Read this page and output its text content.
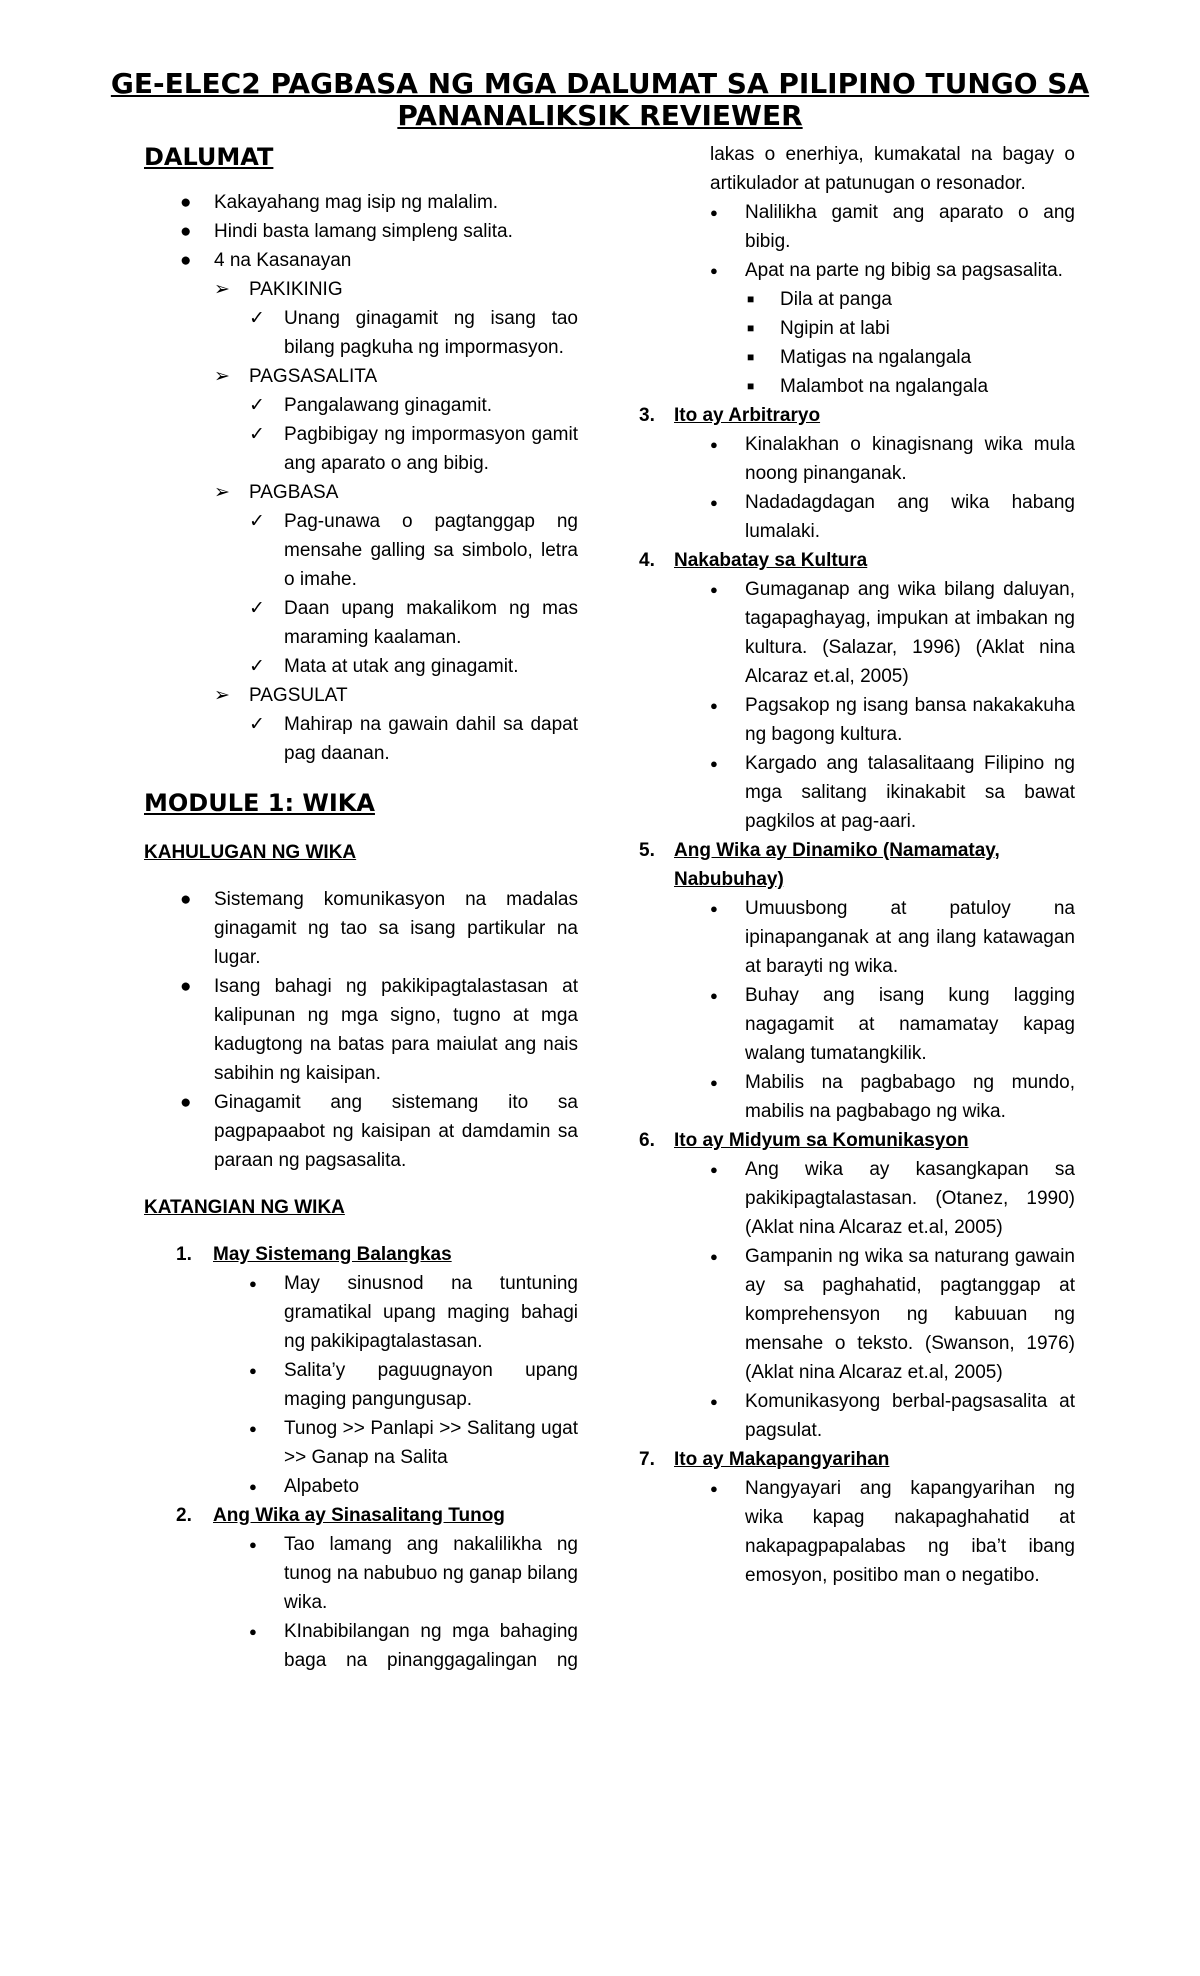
GE-ELEC2 PAGBASA NG MGA DALUMAT SA PILIPINO TUNGO SA PANANALIKSIK REVIEWER
DALUMAT
● Kakayahang mag isip ng malalim.
● Hindi basta lamang simpleng salita.
● 4 na Kasanayan
➢ PAKIKINIG
✓ Unang ginagamit ng isang tao bilang pagkuha ng impormasyon.
➢ PAGSASALITA
✓ Pangalawang ginagamit.
✓ Pagbibigay ng impormasyon gamit ang aparato o ang bibig.
➢ PAGBASA
✓ Pag-unawa o pagtanggap ng mensahe galling sa simbolo, letra o imahe.
✓ Daan upang makalikom ng mas maraming kaalaman.
✓ Mata at utak ang ginagamit.
➢ PAGSULAT
✓ Mahirap na gawain dahil sa dapat pag daanan.
MODULE 1: WIKA
KAHULUGAN NG WIKA
● Sistemang komunikasyon na madalas ginagamit ng tao sa isang partikular na lugar.
● Isang bahagi ng pakikipagtalastasan at kalipunan ng mga signo, tugno at mga kadugtong na batas para maiulat ang nais sabihin ng kaisipan.
● Ginagamit ang sistemang ito sa pagpapaabot ng kaisipan at damdamin sa paraan ng pagsasalita.
KATANGIAN NG WIKA
1. May Sistemang Balangkas
● May sinusnod na tuntuning gramatikal upang maging bahagi ng pakikipagtalastasan.
● Salita’y paguugnayon upang maging pangungusap.
● Tunog >> Panlapi >> Salitang ugat >> Ganap na Salita
● Alpabeto
2. Ang Wika ay Sinasalitang Tunog
● Tao lamang ang nakalilikha ng tunog na nabubuo ng ganap bilang wika.
● KInabibilangan ng mga bahaging baga na pinanggagalingan ng
lakas o enerhiya, kumakatal na bagay o artikulador at patunugan o resonador.
● Nalilikha gamit ang aparato o ang bibig.
● Apat na parte ng bibig sa pagsasalita.
■ Dila at panga
■ Ngipin at labi
■ Matigas na ngalangala
■ Malambot na ngalangala
3. Ito ay Arbitraryo
● Kinalakhan o kinagisnang wika mula noong pinanganak.
● Nadadagdagan ang wika habang lumalaki.
4. Nakabatay sa Kultura
● Gumaganap ang wika bilang daluyan, tagapaghayag, impukan at imbakan ng kultura. (Salazar, 1996) (Aklat nina Alcaraz et.al, 2005)
● Pagsakop ng isang bansa nakakakuha ng bagong kultura.
● Kargado ang talasalitaang Filipino ng mga salitang ikinakabit sa bawat pagkilos at pag-aari.
5. Ang Wika ay Dinamiko (Namamatay, Nabubuhay)
● Umuusbong at patuloy na ipinapanganak at ang ilang katawagan at barayti ng wika.
● Buhay ang isang kung lagging nagagamit at namamatay kapag walang tumatangkilik.
● Mabilis na pagbabago ng mundo, mabilis na pagbabago ng wika.
6. Ito ay Midyum sa Komunikasyon
● Ang wika ay kasangkapan sa pakikipagtalastasan. (Otanez, 1990) (Aklat nina Alcaraz et.al, 2005)
● Gampanin ng wika sa naturang gawain ay sa paghahatid, pagtanggap at komprehensyon ng kabuuan ng mensahe o teksto. (Swanson, 1976) (Aklat nina Alcaraz et.al, 2005)
● Komunikasyong berbal-pagsasalita at pagsulat.
7. Ito ay Makapangyarihan
● Nangyayari ang kapangyarihan ng wika kapag nakapaghahatid at nakapagpapalabas ng iba’t ibang emosyon, positibo man o negatibo.
